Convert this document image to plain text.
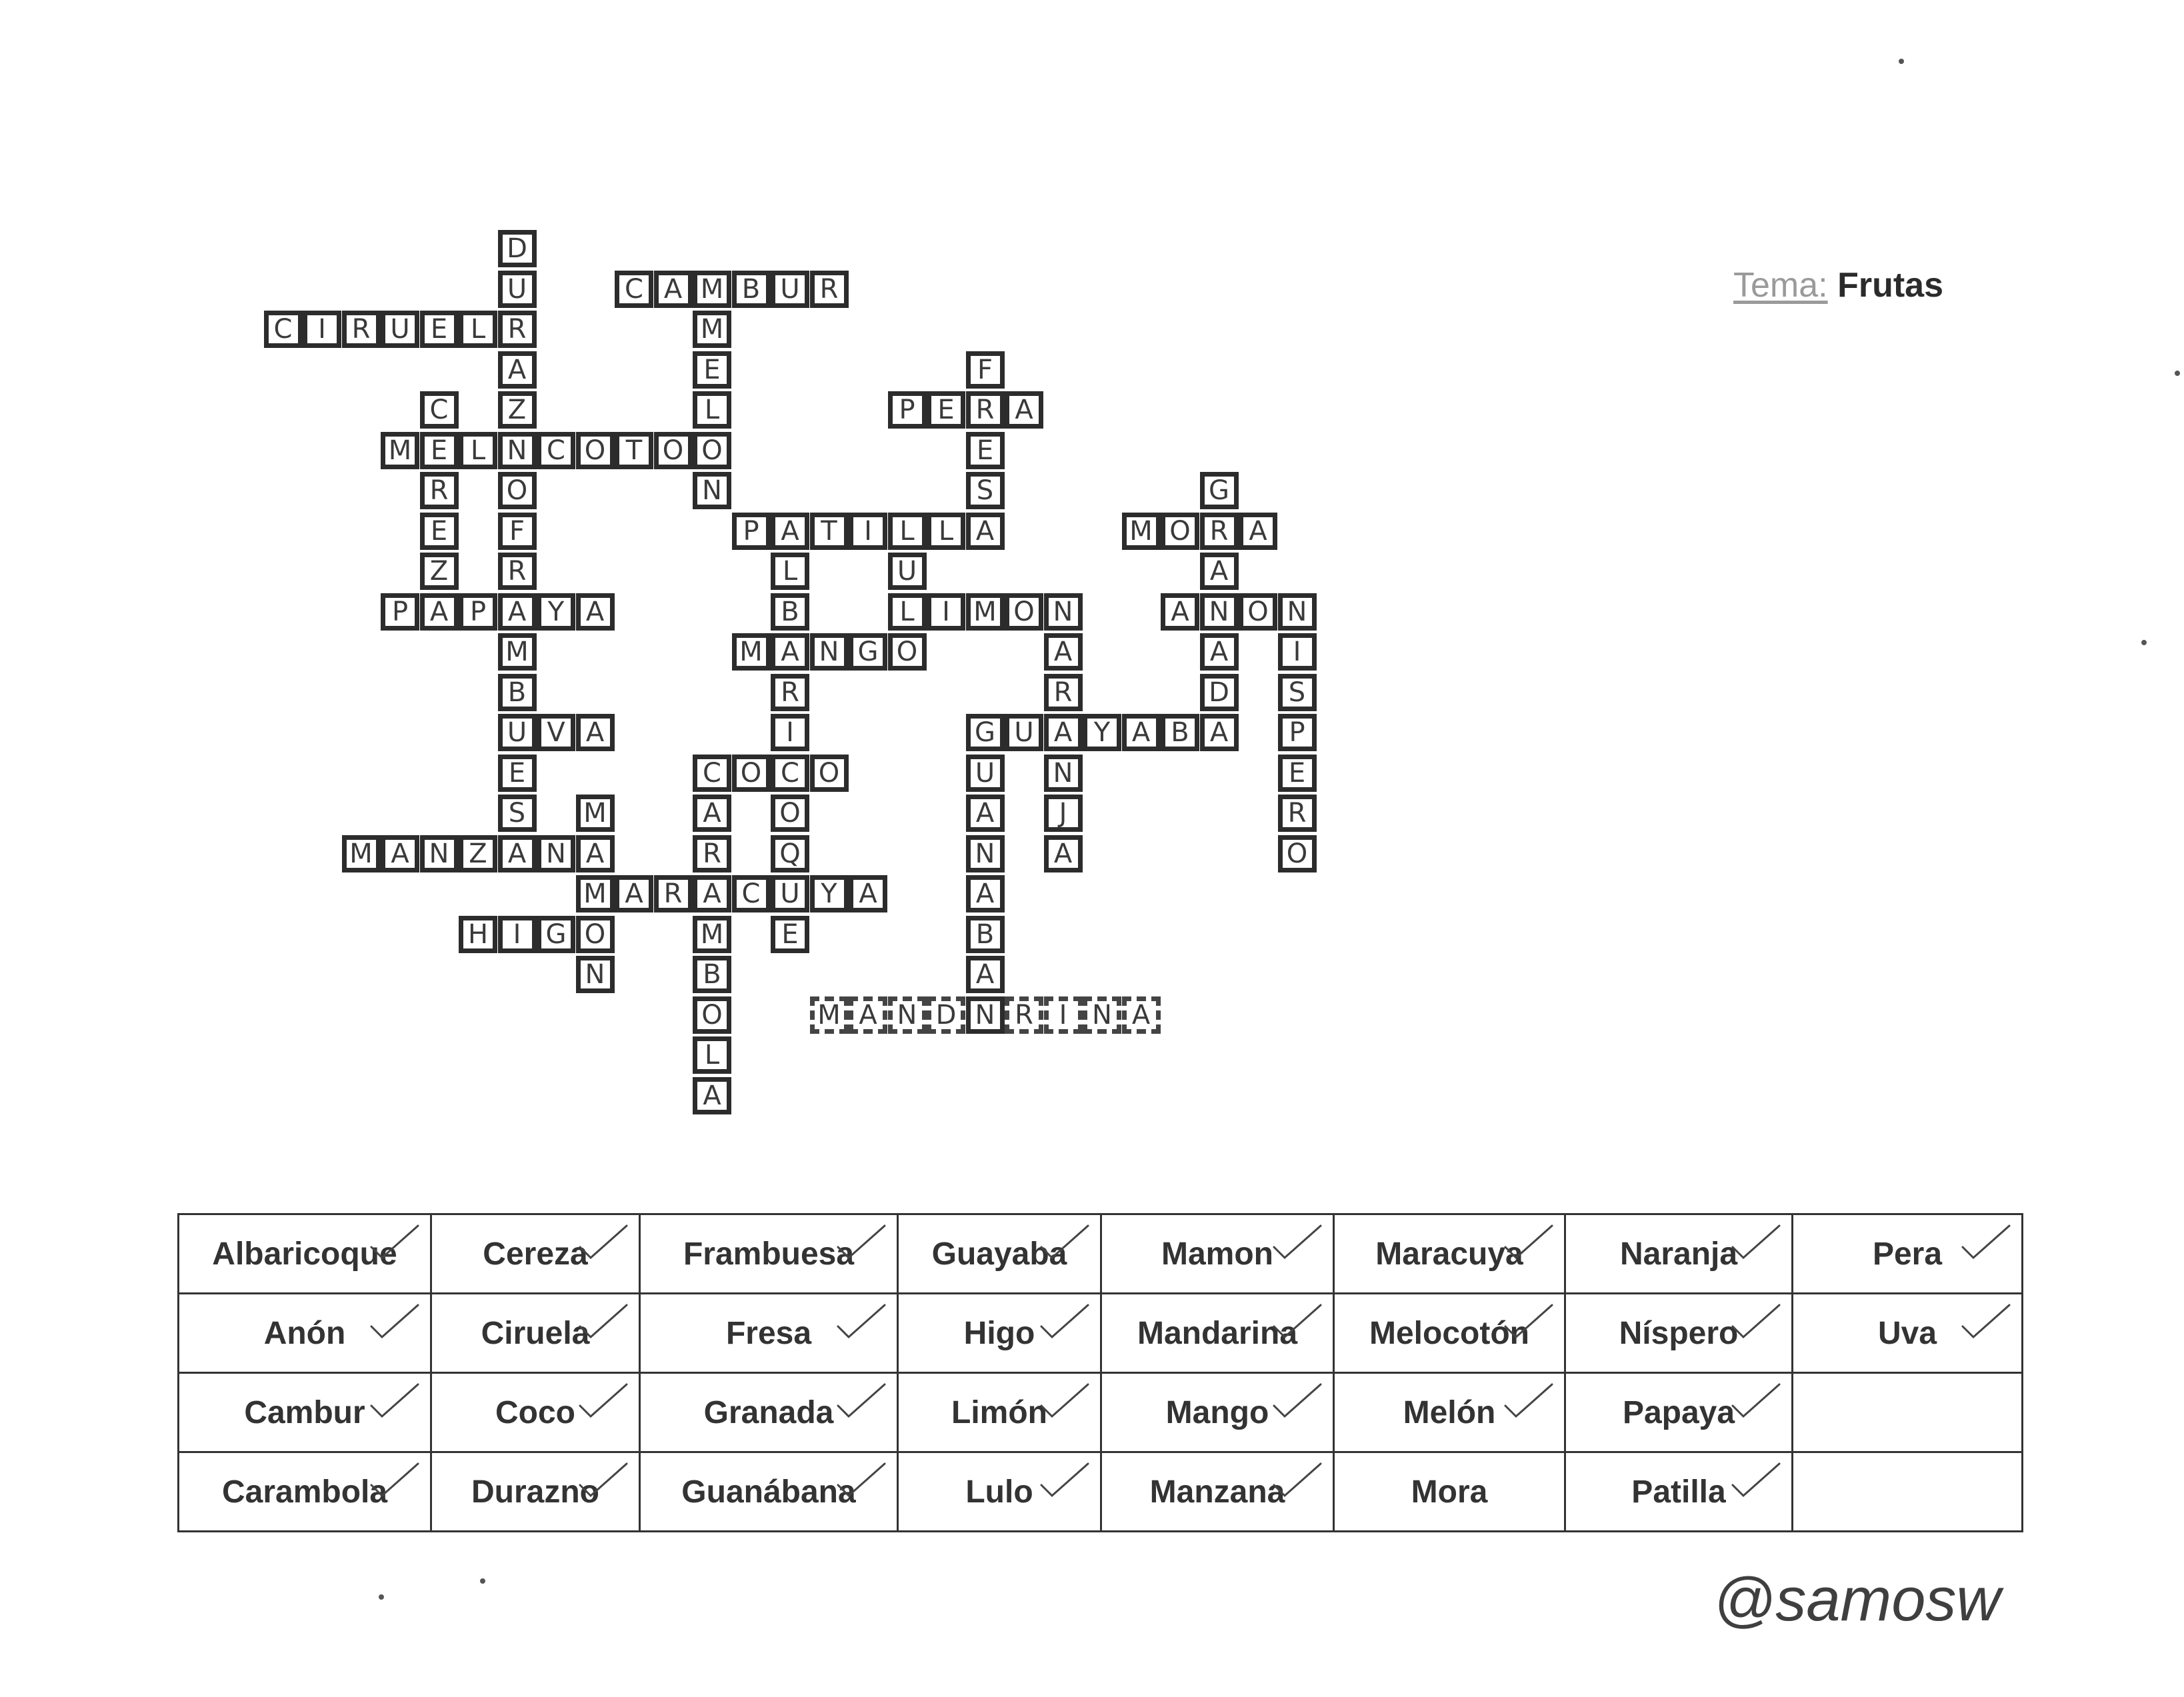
D
U
R
A
Z
N
O
C A M B U R
C I R U E L	M
E
L
O
N
F
R
E
S
A
C
E
R
E
Z
P E	A
M	L	C O T O
G
R
A
N
A
D
A
F
R
A
M
B
U
E
S
P A T	I	L L	M O	A
L
B
A
R
I
C
O
Q
U
E
U
L
O
P A P	Y A	I M O N	A	O N
A
R
A
N
J
A
I
S
P
E
R
O
M	N G
V A	G U	Y A B
U
A
N
A
B
A
N
C O	O
A
R
A
M
B
O
L
A
M
A
M
O
N
M A N Z A N
A R	C	Y A
H I G
M A N D	R I N A
Tema: Frutas
Albaricoque	Cereza	Frambuesa	Guayaba	Mamon	Maracuya	Naranja	Pera

Anón	Ciruela	Fresa	Higo	Mandarina	Melocotón	Níspero	Uva

Cambur	Coco	Granada	Limón	Mango	Melón	Papaya

Carambola	Durazno	Guanábana	Lulo	Manzana	Mora	Patilla

@samosw
